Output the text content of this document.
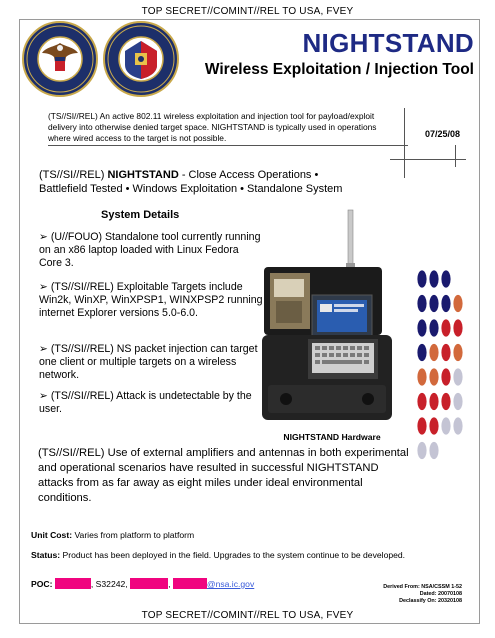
TOP SECRET//COMINT//REL TO USA, FVEY
NIGHTSTAND
Wireless Exploitation / Injection Tool
(TS//SI//REL) An active 802.11 wireless exploitation and injection tool for payload/exploit delivery into otherwise denied target space. NIGHTSTAND is typically used in operations where wired access to the target is not possible.	07/25/08
(TS//SI//REL) NIGHTSTAND - Close Access Operations •
Battlefield Tested • Windows Exploitation • Standalone System
System Details
➢ (U//FOUO) Standalone tool currently running on an x86 laptop loaded with Linux Fedora Core 3.
➢ (TS//SI//REL) Exploitable Targets include Win2k, WinXP, WinXPSP1, WINXPSP2 running internet Explorer versions 5.0-6.0.
➢ (TS//SI//REL) NS packet injection can target one client or multiple targets on a wireless network.
➢ (TS//SI//REL) Attack is undetectable by the user.
NIGHTSTAND Hardware
(TS//SI//REL) Use of external amplifiers and antennas in both experimental and operational scenarios have resulted in successful NIGHTSTAND attacks from as far away as eight miles under ideal environmental conditions.
Unit Cost: Varies from platform to platform
Status: Product has been deployed in the field. Upgrades to the system continue to be developed.
POC:	, S32242,	,	@nsa.ic.gov	Derived From: NSA/CSSM 1-52
Dated: 20070108
Declassify On: 20320108
TOP SECRET//COMINT//REL TO USA, FVEY
